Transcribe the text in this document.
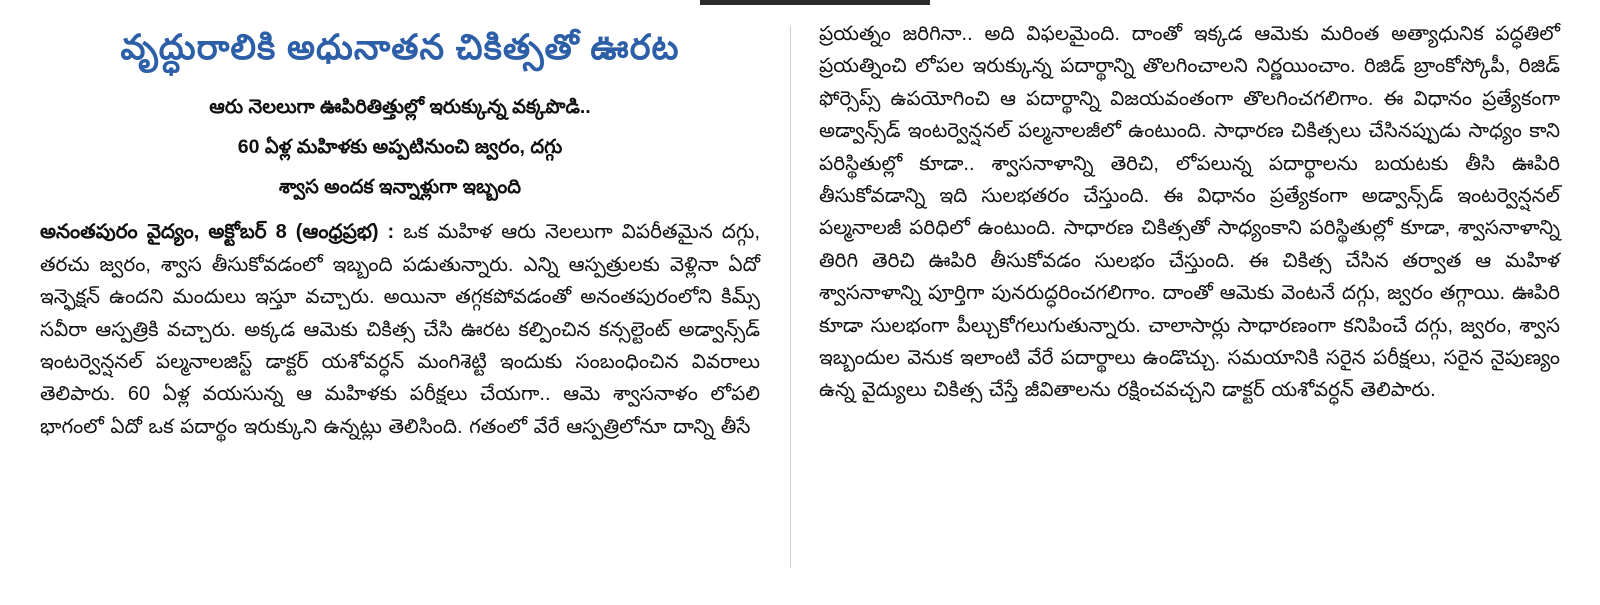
వృద్ధురాలికి అధునాతన చికిత్సతో ఊరట

ఆరు నెలలుగా ఊపిరితిత్తుల్లో ఇరుక్కున్న వక్కపొడి..

60 ఏళ్ల మహిళకు అప్పటినుంచి జ్వరం, దగ్గు

శ్వాస అందక ఇన్నాళ్లుగా ఇబ్బంది

అనంతపురం వైద్యం, అక్టోబర్ 8 (ఆంధ్రప్రభ) : ఒక మహిళ ఆరు నెలలుగా విపరీతమైన దగ్గు, తరచు జ్వరం, శ్వాస తీసుకోవడంలో ఇబ్బంది పడుతున్నారు. ఎన్ని ఆస్పత్రులకు వెళ్లినా ఏదో ఇన్ఫెక్షన్ ఉందని మందులు ఇస్తూ వచ్చారు. అయినా తగ్గకపోవడంతో అనంతపురంలోని కిమ్స్ సవీరా ఆస్పత్రికి వచ్చారు. అక్కడ ఆమెకు చికిత్స చేసి ఊరట కల్పించిన కన్సల్టెంట్ అడ్వాన్స్‌డ్ ఇంటర్వెన్షనల్ పల్మనాలజిస్ట్ డాక్టర్ యశోవర్ధన్ మంగిశెట్టి ఇందుకు సంబంధించిన వివరాలు తెలిపారు. 60 ఏళ్ల వయసున్న ఆ మహిళకు పరీక్షలు చేయగా.. ఆమె శ్వాసనాళం లోపలి భాగంలో ఏదో ఒక పదార్థం ఇరుక్కుని ఉన్నట్లు తెలిసింది. గతంలో వేరే ఆస్పత్రిలోనూ దాన్ని తీసే

ప్రయత్నం జరిగినా.. అది విఫలమైంది. దాంతో ఇక్కడ ఆమెకు మరింత అత్యాధునిక పద్ధతిలో ప్రయత్నించి లోపల ఇరుక్కున్న పదార్థాన్ని తొలగించాలని నిర్ణయించాం. రిజిడ్ బ్రాంకోస్కోపీ, రిజిడ్ ఫోర్సెప్స్ ఉపయోగించి ఆ పదార్థాన్ని విజయవంతంగా తొలగించగలిగాం. ఈ విధానం ప్రత్యేకంగా అడ్వాన్స్‌డ్ ఇంటర్వెన్షనల్ పల్మనాలజీలో ఉంటుంది. సాధారణ చికిత్సలు చేసినప్పుడు సాధ్యం కాని పరిస్థితుల్లో కూడా.. శ్వాసనాళాన్ని తెరిచి, లోపలున్న పదార్థాలను బయటకు తీసి ఊపిరి తీసుకోవడాన్ని ఇది సులభతరం చేస్తుంది. ఈ విధానం ప్రత్యేకంగా అడ్వాన్స్‌డ్ ఇంటర్వెన్షనల్ పల్మనాలజీ పరిధిలో ఉంటుంది. సాధారణ చికిత్సతో సాధ్యంకాని పరిస్థితుల్లో కూడా, శ్వాసనాళాన్ని తిరిగి తెరిచి ఊపిరి తీసుకోవడం సులభం చేస్తుంది. ఈ చికిత్స చేసిన తర్వాత ఆ మహిళ శ్వాసనాళాన్ని పూర్తిగా పునరుద్ధరించగలిగాం. దాంతో ఆమెకు వెంటనే దగ్గు, జ్వరం తగ్గాయి. ఊపిరి కూడా సులభంగా పీల్చుకోగలుగుతున్నారు. చాలాసార్లు సాధారణంగా కనిపించే దగ్గు, జ్వరం, శ్వాస ఇబ్బందుల వెనుక ఇలాంటి వేరే పదార్థాలు ఉండొచ్చు. సమయానికి సరైన పరీక్షలు, సరైన నైపుణ్యం ఉన్న వైద్యులు చికిత్స చేస్తే జీవితాలను రక్షించవచ్చని డాక్టర్ యశోవర్ధన్ తెలిపారు.
